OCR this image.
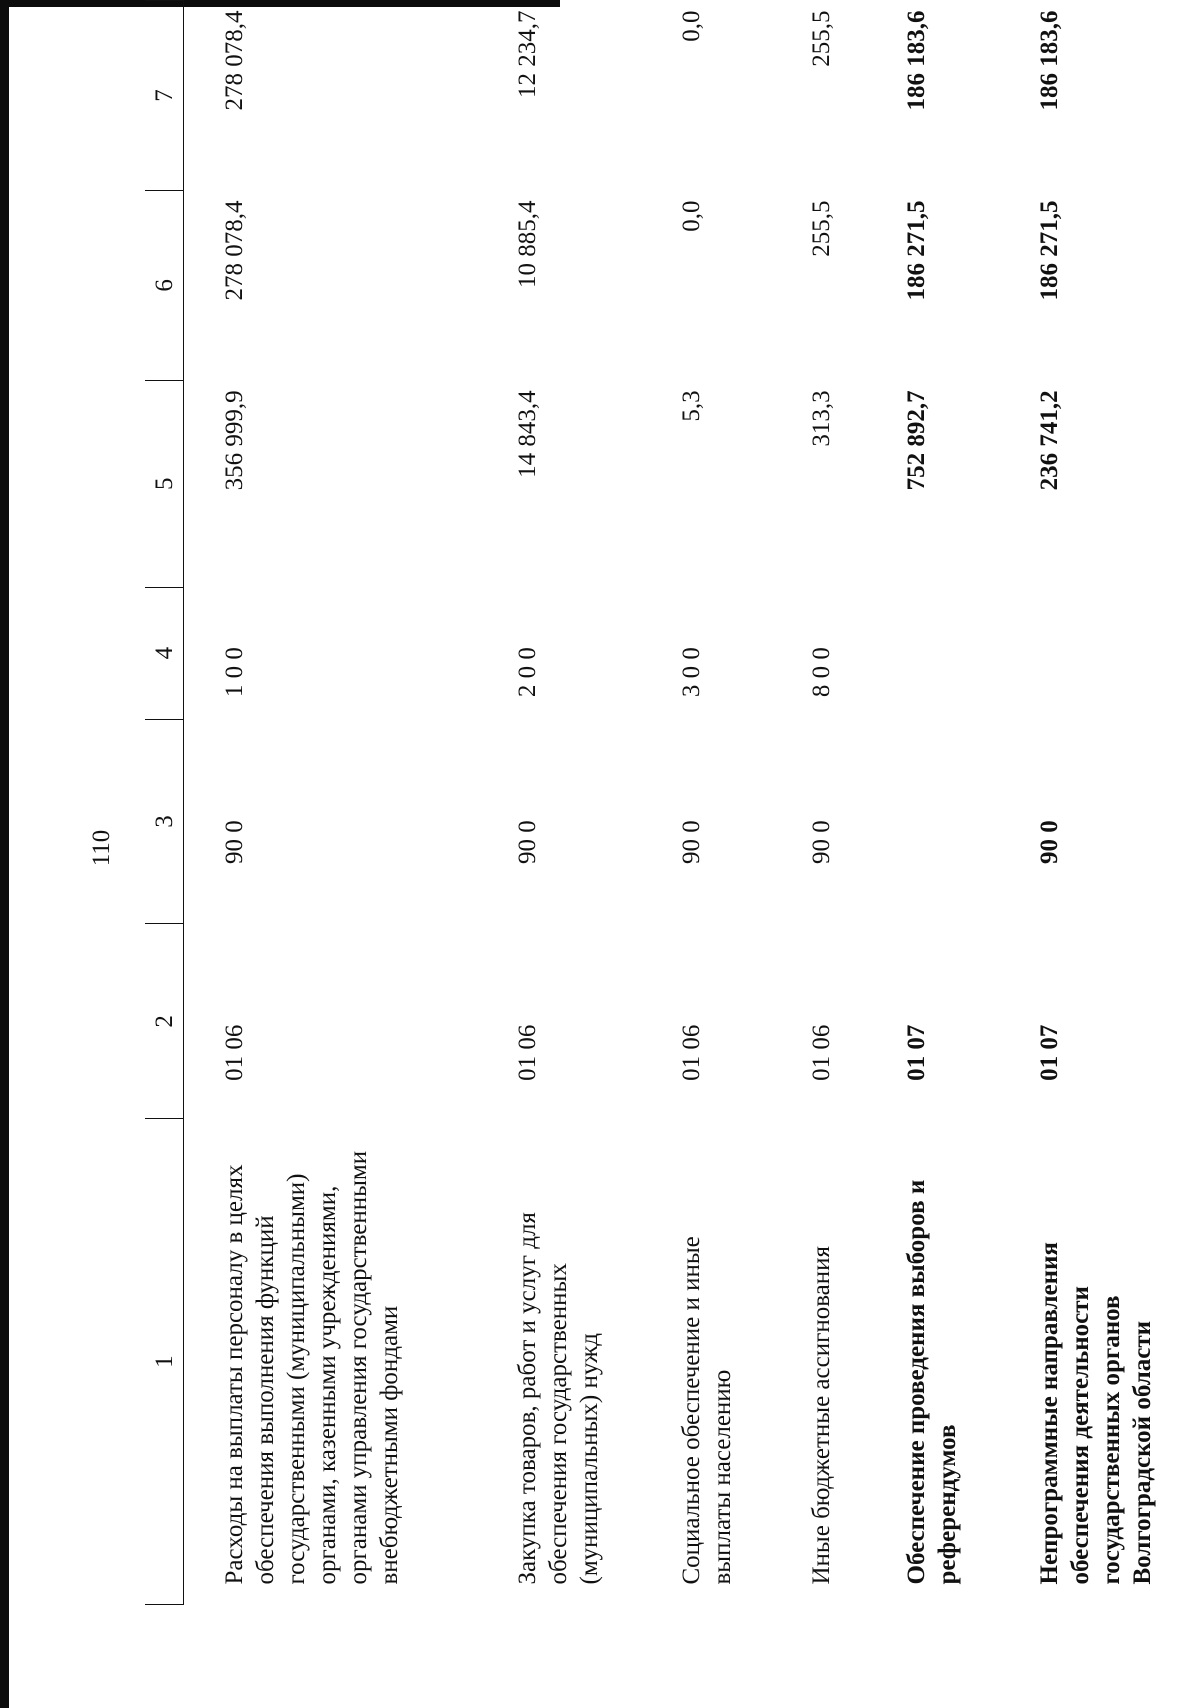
110
1	2	3	4	5	6	7
Расходы на выплаты персоналу в целях обеспечения выполнения функций государственными (муниципальными) органами, казенными учреждениями, органами управления государственными внебюджетными фондами	01 06	90 0	1 0 0	356 999,9	278 078,4	278 078,4
Закупка товаров, работ и услуг для обеспечения государственных (муниципальных) нужд	01 06	90 0	2 0 0	14 843,4	10 885,4	12 234,7
Социальное обеспечение и иные выплаты населению	01 06	90 0	3 0 0	5,3	0,0	0,0
Иные бюджетные ассигнования	01 06	90 0	8 0 0	313,3	255,5	255,5
Обеспечение проведения выборов и референдумов	01 07			752 892,7	186 271,5	186 183,6
Непрограммные направления обеспечения деятельности государственных органов Волгоградской области	01 07	90 0		236 741,2	186 271,5	186 183,6
